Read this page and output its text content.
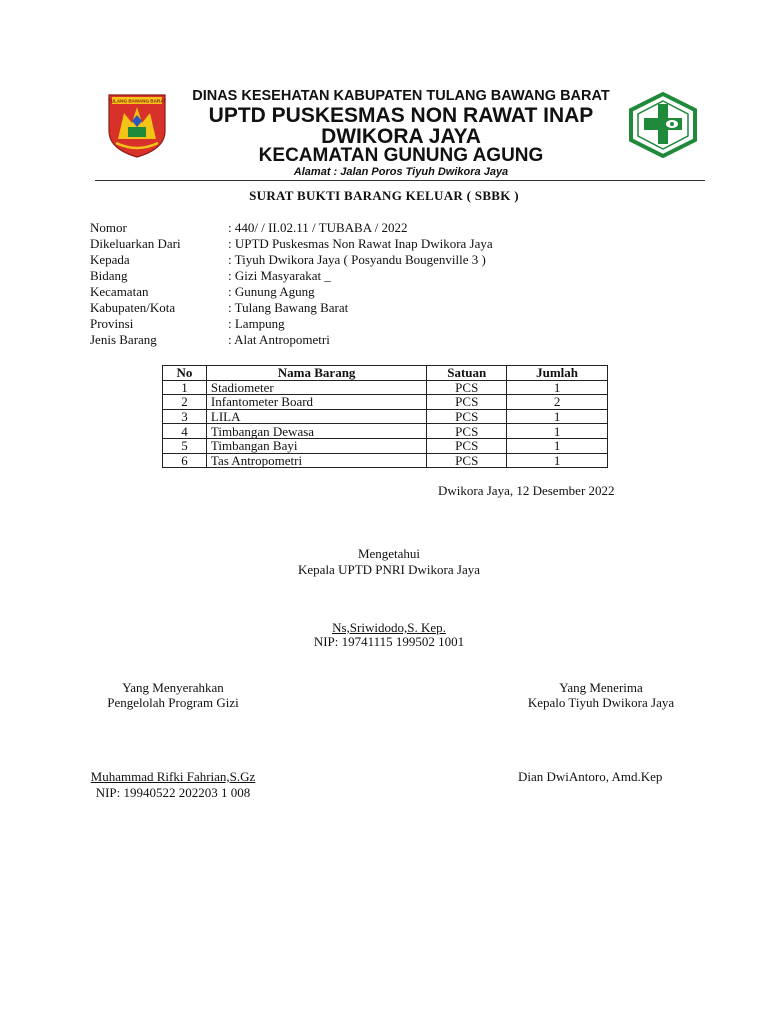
TULANG BAWANG BARAT	DINAS KESEHATAN KABUPATEN TULANG BAWANG BARAT
UPTD PUSKESMAS NON RAWAT INAP
DWIKORA JAYA
KECAMATAN GUNUNG AGUNG
Alamat : Jalan Poros Tiyuh Dwikora Jaya
SURAT BUKTI BARANG KELUAR ( SBBK )
Nomor	: 440/ / II.02.11 / TUBABA / 2022
Dikeluarkan Dari	: UPTD Puskesmas Non Rawat Inap Dwikora Jaya
Kepada	: Tiyuh Dwikora Jaya ( Posyandu Bougenville 3 )
Bidang	: Gizi Masyarakat _
Kecamatan	: Gunung Agung
Kabupaten/Kota	: Tulang Bawang Barat
Provinsi	: Lampung
Jenis Barang	: Alat Antropometri
No	Nama Barang	Satuan	Jumlah
1	Stadiometer	PCS	1
2	Infantometer Board	PCS	2
3	LILA	PCS	1
4	Timbangan Dewasa	PCS	1
5	Timbangan Bayi	PCS	1
6	Tas Antropometri	PCS	1
Dwikora Jaya, 12 Desember 2022
Mengetahui
Kepala UPTD PNRI Dwikora Jaya
Ns,Sriwidodo,S. Kep.
NIP: 19741115 199502 1001
Yang Menyerahkan
Pengelolah Program Gizi
Muhammad Rifki Fahrian,S.Gz
NIP: 19940522 202203 1 008
Yang Menerima
Kepalo Tiyuh Dwikora Jaya
Dian DwiAntoro, Amd.Kep
